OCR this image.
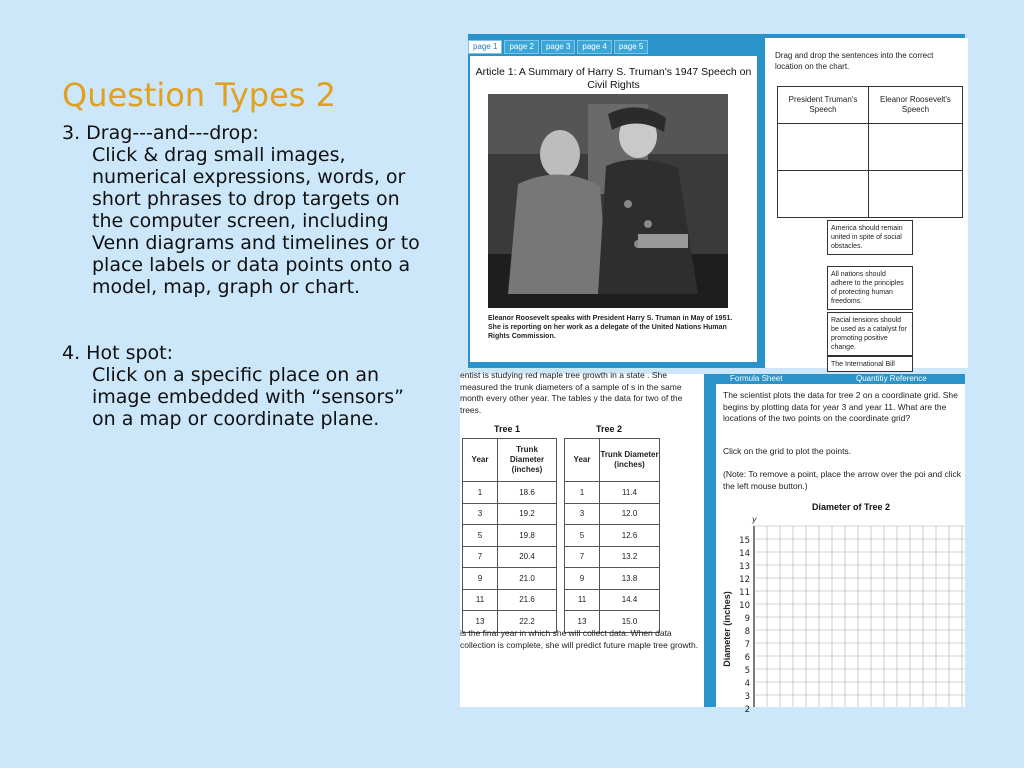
Question Types 2

3. Drag---and---drop:

Click & drag small images, numerical expressions, words, or short phrases to drop targets on the computer screen, including Venn diagrams and timelines or to place labels or data points onto a model, map, graph or chart.

4. Hot spot:

Click on a specific place on an image embedded with “sensors” on a map or coordinate plane.

page 1	page 2	page 3	page 4	page 5
Article 1: A Summary of Harry S. Truman's 1947 Speech on Civil Rights
Eleanor Roosevelt speaks with President Harry S. Truman in May of 1951. She is reporting on her work as a delegate of the United Nations Human Rights Commission.
Drag and drop the sentences into the correct location on the chart.
President Truman's Speech	Eleanor Roosevelt's Speech

America should remain united in spite of social obstacles.
All nations should adhere to the principles of protecting human freedoms.
Racial tensions should be used as a catalyst for promoting positive change.
The International Bill
entist is studying red maple tree growth in a state . She measured the trunk diameters of a sample of s in the same month every other year. The tables y the data for two of the trees.
Tree 1	Tree 2
Year	Trunk Diameter (inches)
1	18.6
3	19.2
5	19.8
7	20.4
9	21.0
11	21.6
13	22.2
Year	Trunk Diameter (inches)
1	11.4
3	12.0
5	12.6
7	13.2
9	13.8
11	14.4
13	15.0
is the final year in which she will collect data. When data collection is complete, she will predict future maple tree growth.
Formula Sheet	Quantitiy Reference
The scientist plots the data for tree 2 on a coordinate grid. She begins by plotting data for year 3 and year 11. What are the locations of the two points on the coordinate grid?
Click on the grid to plot the points.
(Note: To remove a point, place the arrow over the poi and click the left mouse button.)
Diameter of Tree 2
Diameter (inches)
y
15
14
13
12
11
10
9
8
7
6
5
4
3
2
